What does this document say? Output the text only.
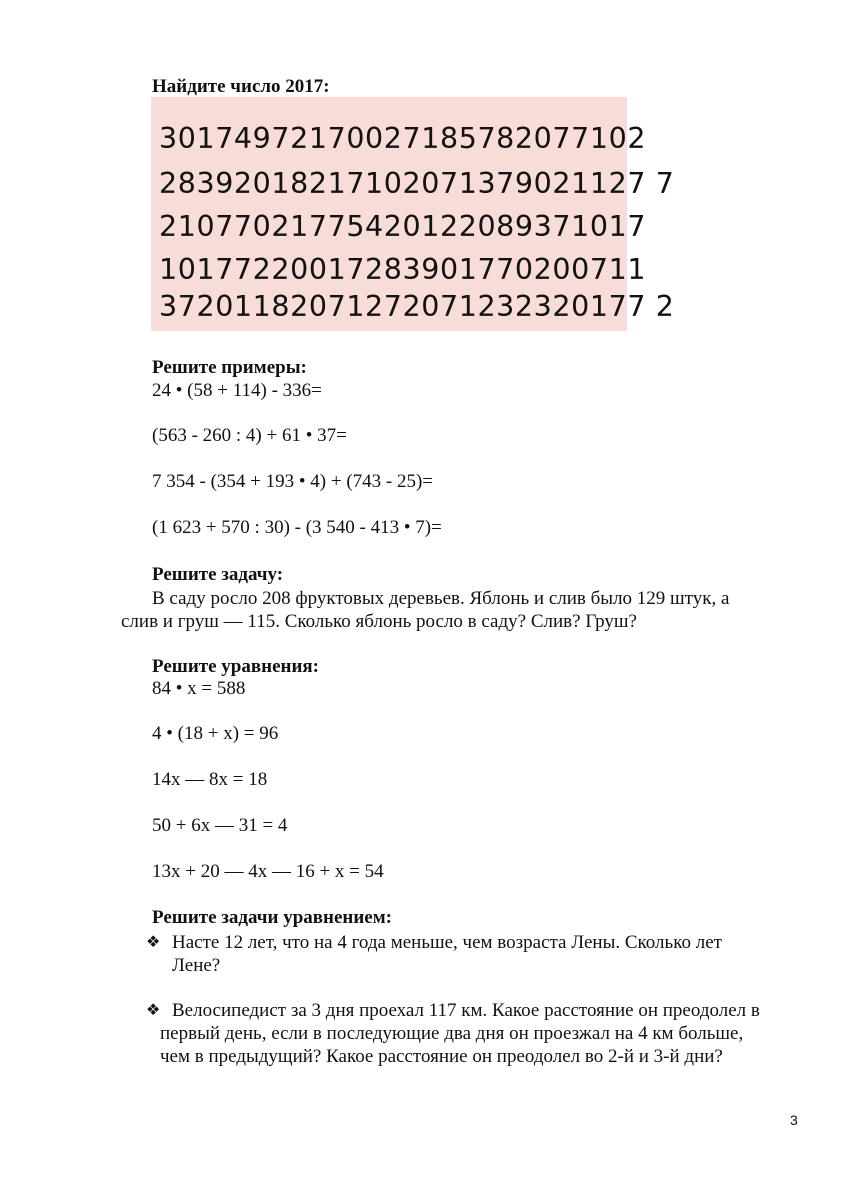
Найдите число 2017:

30174972170027185782077102
28392018217102071379021127 7
21077021775420122089371017
10177220017283901770200711
37201182071272071232320177 2

Решите примеры:

24 • (58 + 114) - 336=

(563 - 260 : 4) + 61 • 37=

7 354 - (354 + 193 • 4) + (743 - 25)=

(1 623 + 570 : 30) - (3 540 - 413 • 7)=

Решите задачу:

В саду росло 208 фруктовых деревьев. Яблонь и слив было 129 штук, а

слив и груш — 115. Сколько яблонь росло в саду? Слив? Груш?

Решите уравнения:

84 • x = 588

4 • (18 + x) = 96

14x — 8x = 18

50 + 6x — 31 = 4

13x + 20 — 4x — 16 + x = 54

Решите задачи уравнением:

❖ Насте 12 лет, что на 4 года меньше, чем возраста Лены. Сколько лет

Лене?

❖ Велосипедист за 3 дня проехал 117 км. Какое расстояние он преодолел в

первый день, если в последующие два дня он проезжал на 4 км больше,

чем в предыдущий? Какое расстояние он преодолел во 2-й и 3-й дни?

3
